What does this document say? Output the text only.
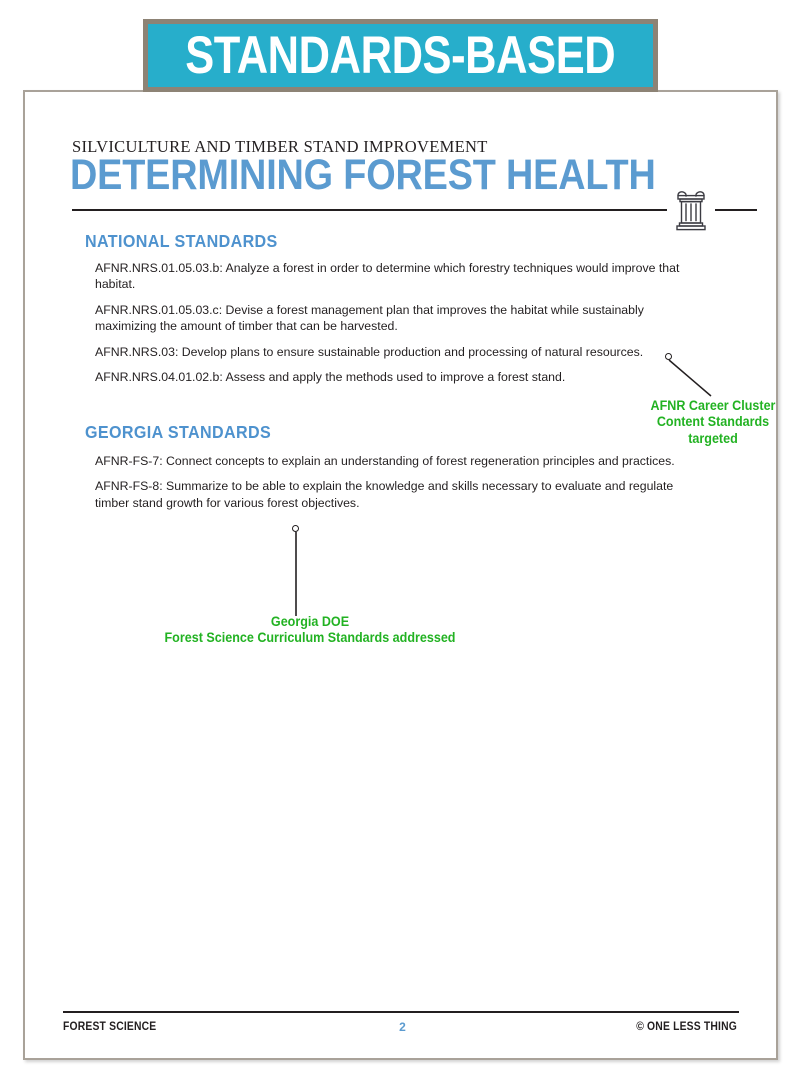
STANDARDS-BASED
SILVICULTURE AND TIMBER STAND IMPROVEMENT
DETERMINING FOREST HEALTH
NATIONAL STANDARDS
AFNR.NRS.01.05.03.b: Analyze a forest in order to determine which forestry techniques would improve that habitat.
AFNR.NRS.01.05.03.c: Devise a forest management plan that improves the habitat while sustainably maximizing the amount of timber that can be harvested.
AFNR.NRS.03: Develop plans to ensure sustainable production and processing of natural resources.
AFNR.NRS.04.01.02.b: Assess and apply the methods used to improve a forest stand.
GEORGIA STANDARDS
AFNR-FS-7: Connect concepts to explain an understanding of forest regeneration principles and practices.
AFNR-FS-8: Summarize to be able to explain the knowledge and skills necessary to evaluate and regulate timber stand growth for various forest objectives.
AFNR Career Cluster
Content Standards
targeted
Georgia DOE
Forest Science Curriculum Standards addressed
FOREST SCIENCE	2	© ONE LESS THING
